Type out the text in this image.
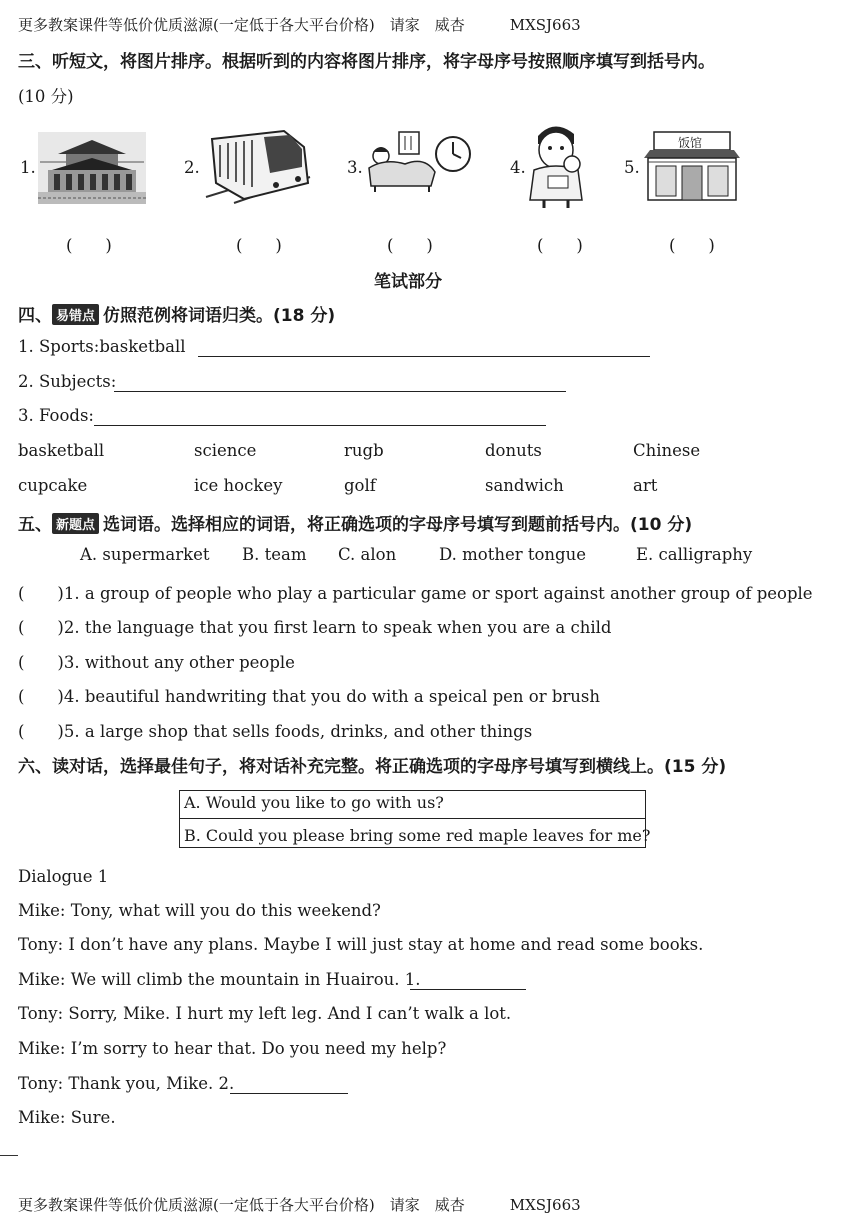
更多教案课件等低价优质滋源(一定低于各大平台价格)　请家　威杏　　　MXSJ663
三、听短文，将图片排序。根据听到的内容将图片排序，将字母序号按照顺序填写到括号内。
(10 分)
1.	2.	3.	4.	5.
饭馆
(　　)	(　　)	(　　)	(　　)	(　　)
笔试部分
四、 易错点 仿照范例将词语归类。(18 分)
1. Sports:basketball
2. Subjects:
3. Foods:
basketball	science	rugb	donuts	Chinese
cupcake	ice hockey	golf	sandwich	art
五、 新题点 选词语。选择相应的词语，将正确选项的字母序号填写到题前括号内。(10 分)
A. supermarket B. team C. alon	D. mother tongue	E. calligraphy
(　　)1. a group of people who play a particular game or sport against another group of people
(　　)2. the language that you first learn to speak when you are a child
(　　)3. without any other people
(　　)4. beautiful handwriting that you do with a speical pen or brush
(　　)5. a large shop that sells foods, drinks, and other things
六、读对话，选择最佳句子，将对话补充完整。将正确选项的字母序号填写到横线上。(15 分)
A. Would you like to go with us?
B. Could you please bring some red maple leaves for me?
Dialogue 1
Mike: Tony, what will you do this weekend?
Tony: I don’t have any plans. Maybe I will just stay at home and read some books.
Mike: We will climb the mountain in Huairou. 1.
Tony: Sorry, Mike. I hurt my left leg. And I can’t walk a lot.
Mike: I’m sorry to hear that. Do you need my help?
Tony: Thank you, Mike. 2.
Mike: Sure.
更多教案课件等低价优质滋源(一定低于各大平台价格)　请家　威杏　　　MXSJ663
